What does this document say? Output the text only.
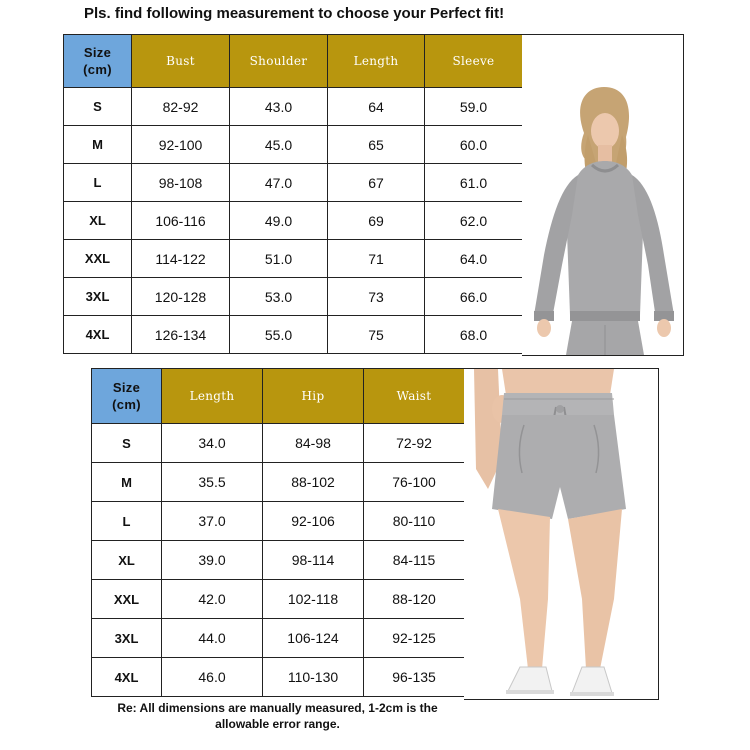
Pls. find following measurement to choose your Perfect fit!
Size
(cm)	Bust	Shoulder	Length	Sleeve
S	82-92	43.0	64	59.0
M	92-100	45.0	65	60.0
L	98-108	47.0	67	61.0
XL	106-116	49.0	69	62.0
XXL	114-122	51.0	71	64.0
3XL	120-128	53.0	73	66.0
4XL	126-134	55.0	75	68.0
Size
(cm)	Length	Hip	Waist
S	34.0	84-98	72-92
M	35.5	88-102	76-100
L	37.0	92-106	80-110
XL	39.0	98-114	84-115
XXL	42.0	102-118	88-120
3XL	44.0	106-124	92-125
4XL	46.0	110-130	96-135
Re: All dimensions are manually measured, 1-2cm is the
allowable error range.
